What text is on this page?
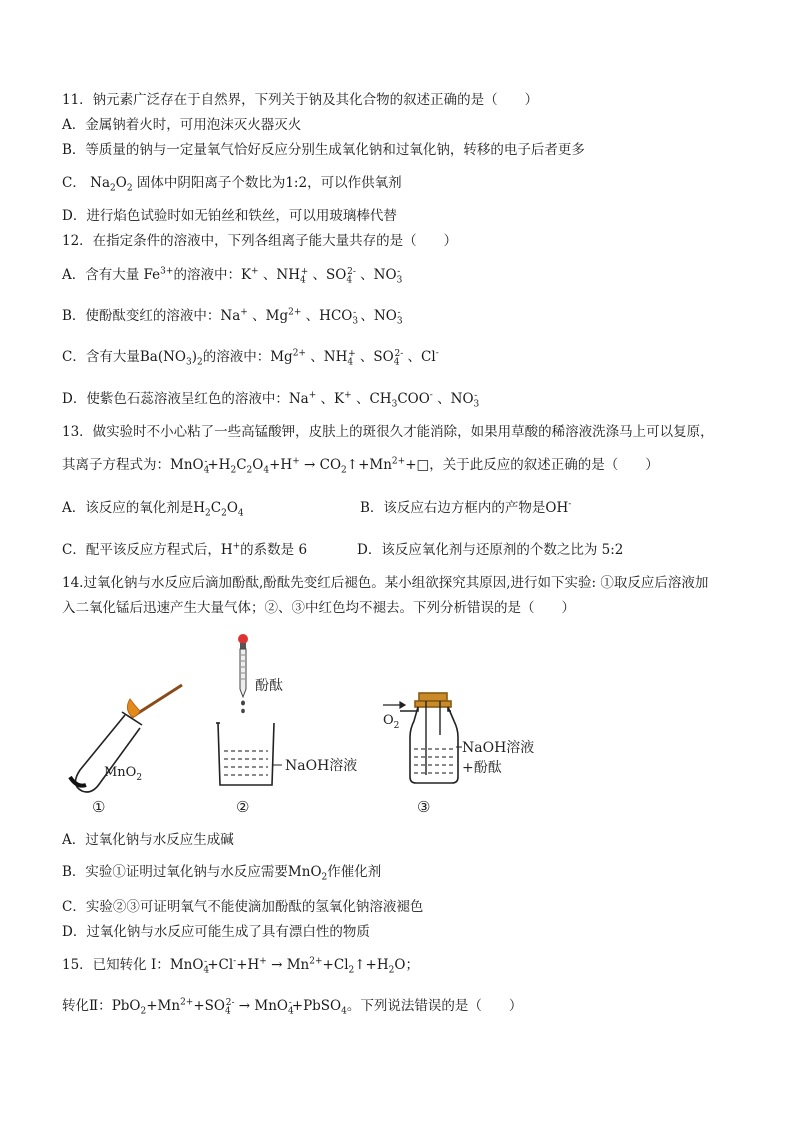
11．钠元素广泛存在于自然界，下列关于钠及其化合物的叙述正确的是（　　）
A．金属钠着火时，可用泡沫灭火器灭火
B．等质量的钠与一定量氧气恰好反应分别生成氧化钠和过氧化钠，转移的电子后者更多
C． $Na_2O_2$ 固体中阴阳离子个数比为1:2，可以作供氧剂
D．进行焰色试验时如无铂丝和铁丝，可以用玻璃棒代替
12．在指定条件的溶液中，下列各组离子能大量共存的是（　　）
A．含有大量 $Fe^{3+}$的溶液中：K+ 、$NH_4^+$ 、$SO_4^{2-}$ 、$NO_3^-$
B．使酚酞变红的溶液中：Na+ 、$Mg^{2+}$ 、$HCO_3^-$ 、$NO_3^-$
C．含有大量$Ba(NO_3)_2$的溶液中：$Mg^{2+}$ 、$NH_4^+$ 、$SO_4^{2-}$ 、Cl-
D．使紫色石蕊溶液呈红色的溶液中：Na+ 、K+ 、$CH_3COO^-$ 、$NO_3^-$
13．做实验时不小心粘了一些高锰酸钾，皮肤上的斑很久才能消除，如果用草酸的稀溶液洗涤马上可以复原，
其离子方程式为：$MnO_4^-+H_2C_2O_4+H^+$ → $CO_2↑+Mn^{2+}+□$，关于此反应的叙述正确的是（　　）
A．该反应的氧化剂是$H_2C_2O_4$	B．该反应右边方框内的产物是OH-
C．配平该反应方程式后，H+的系数是 6	D．该反应氧化剂与还原剂的个数之比为 5:2
14.过氧化钠与水反应后滴加酚酞,酚酞先变红后褪色。某小组欲探究其原因,进行如下实验: ①取反应后溶液加
入二氧化锰后迅速产生大量气体；②、③中红色均不褪去。下列分析错误的是（　　）
MnO$_2$
①
酚酞
NaOH溶液
②
$O_2$
NaOH溶液
+酚酞
③
A．过氧化钠与水反应生成碱
B．实验①证明过氧化钠与水反应需要MnO$_2$作催化剂
C．实验②③可证明氧气不能使滴加酚酞的氢氧化钠溶液褪色
D．过氧化钠与水反应可能生成了具有漂白性的物质
15．已知转化 I：$MnO_4^-+Cl^-+H^+ \to Mn^{2+}+Cl_2↑+H_2O$；
转化Ⅱ：$PbO_2+Mn^{2+}+SO_4^{2-}$ → MnO$_4$-+PbSO$_4$。下列说法错误的是（　　）
